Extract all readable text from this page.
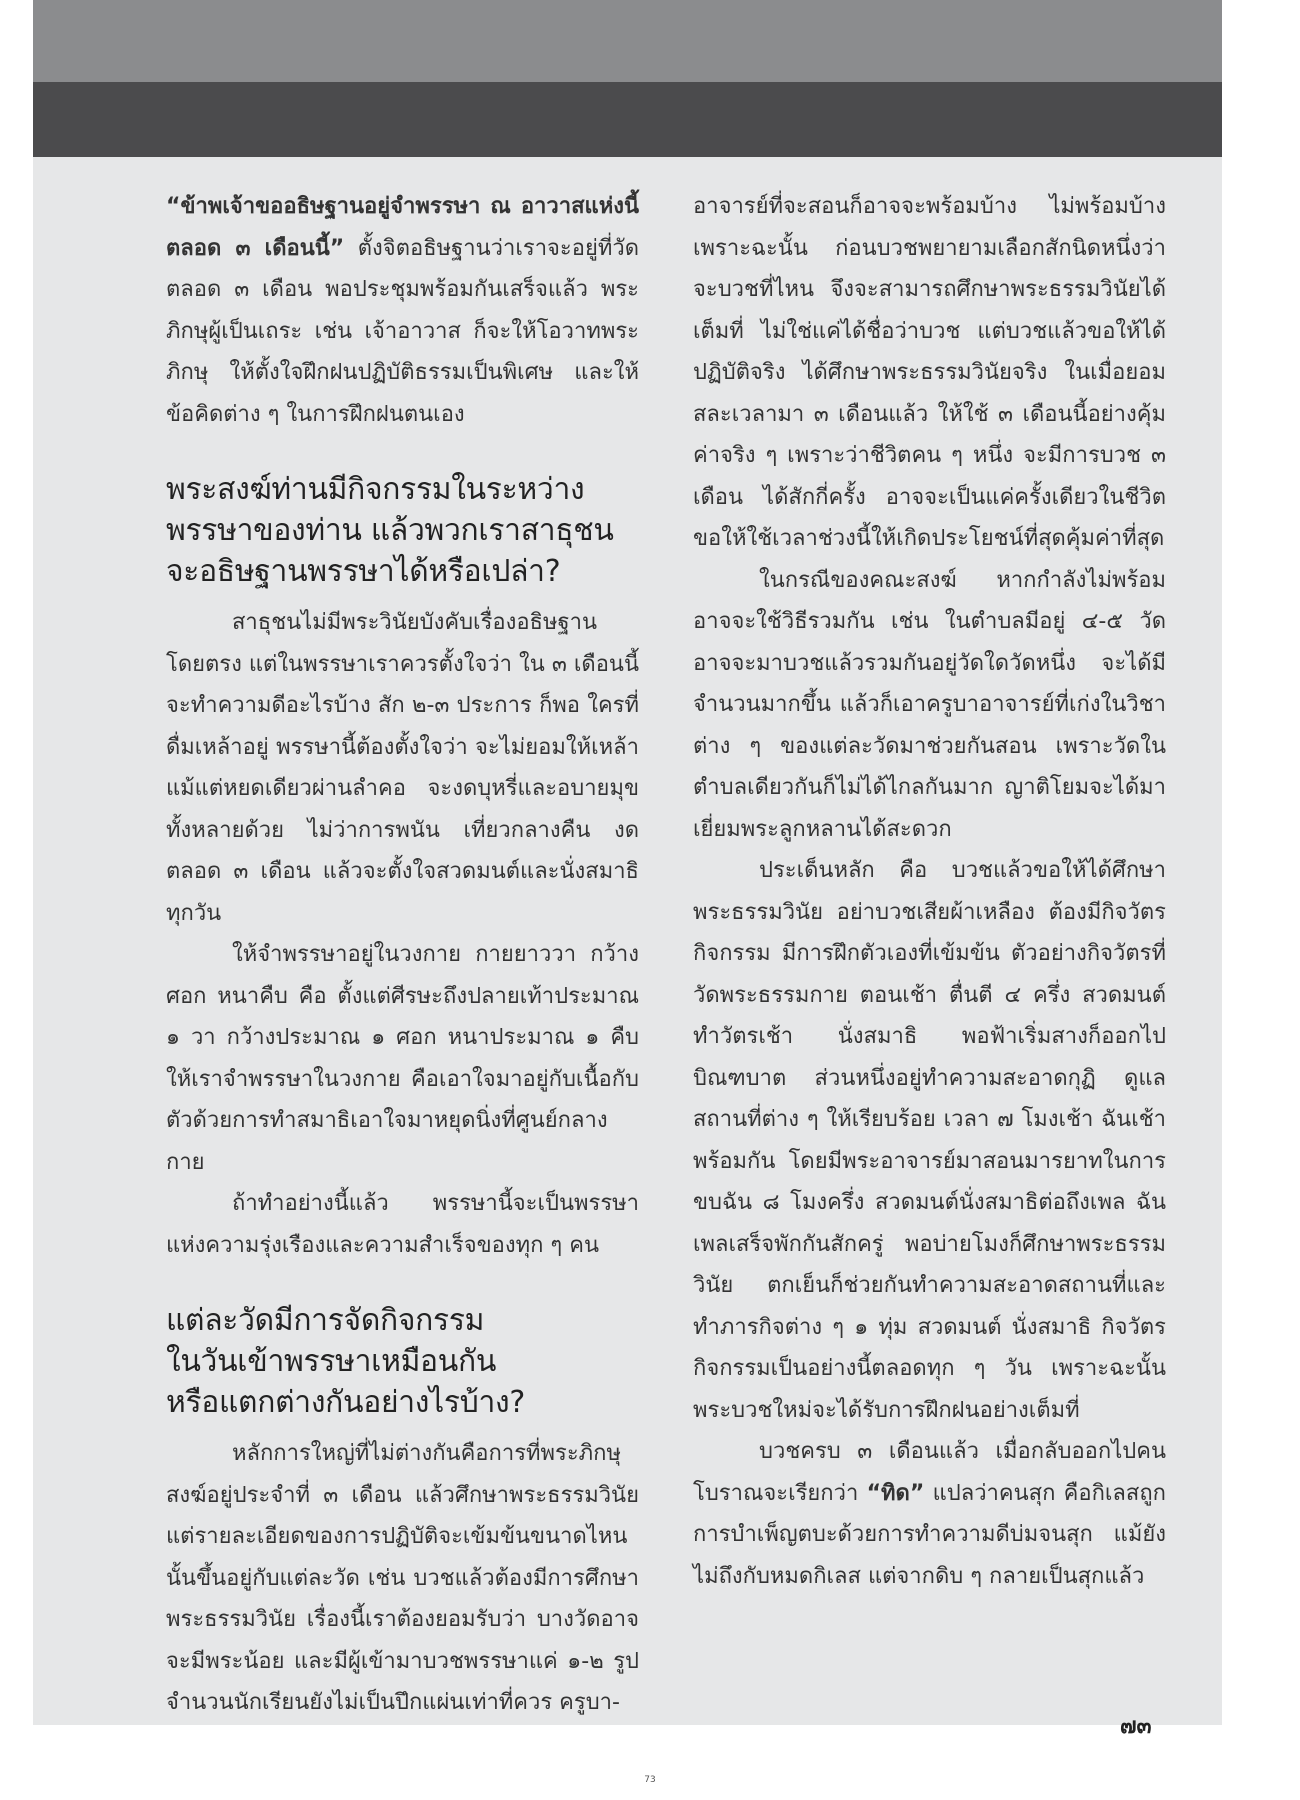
“ข้าพเจ้าขออธิษฐานอยู่จำพรรษา ณ อาวาสแห่งนี้ ตลอด ๓ เดือนนี้” ตั้งจิตอธิษฐานว่าเราจะอยู่ที่วัดตลอด ๓ เดือน พอประชุมพร้อมกันเสร็จแล้ว พระภิกษุผู้เป็นเถระ เช่น เจ้าอาวาส ก็จะให้โอวาทพระภิกษุ ให้ตั้งใจฝึกฝนปฏิบัติธรรมเป็นพิเศษ และให้ข้อคิดต่าง ๆ ในการฝึกฝนตนเอง

พระสงฆ์ท่านมีกิจกรรมในระหว่าง
พรรษาของท่าน แล้วพวกเราสาธุชน
จะอธิษฐานพรรษาได้หรือเปล่า?

สาธุชนไม่มีพระวินัยบังคับเรื่องอธิษฐานโดยตรง แต่ในพรรษาเราควรตั้งใจว่า ใน ๓ เดือนนี้จะทำความดีอะไรบ้าง สัก ๒-๓ ประการ ก็พอ ใครที่ดื่มเหล้าอยู่ พรรษานี้ต้องตั้งใจว่า จะไม่ยอมให้เหล้าแม้แต่หยดเดียวผ่านลำคอ จะงดบุหรี่และอบายมุขทั้งหลายด้วย ไม่ว่าการพนัน เที่ยวกลางคืน งดตลอด ๓ เดือน แล้วจะตั้งใจสวดมนต์และนั่งสมาธิทุกวัน

ให้จำพรรษาอยู่ในวงกาย กายยาววา กว้างศอก หนาคืบ คือ ตั้งแต่ศีรษะถึงปลายเท้าประมาณ ๑ วา กว้างประมาณ ๑ ศอก หนาประมาณ ๑ คืบ ให้เราจำพรรษาในวงกาย คือเอาใจมาอยู่กับเนื้อกับตัวด้วยการทำสมาธิเอาใจมาหยุดนิ่งที่ศูนย์กลางกาย

ถ้าทำอย่างนี้แล้ว พรรษานี้จะเป็นพรรษาแห่งความรุ่งเรืองและความสำเร็จของทุก ๆ คน

แต่ละวัดมีการจัดกิจกรรม
ในวันเข้าพรรษาเหมือนกัน
หรือแตกต่างกันอย่างไรบ้าง?

หลักการใหญ่ที่ไม่ต่างกันคือการที่พระภิกษุสงฆ์อยู่ประจำที่ ๓ เดือน แล้วศึกษาพระธรรมวินัย แต่รายละเอียดของการปฏิบัติจะเข้มข้นขนาดไหนนั้นขึ้นอยู่กับแต่ละวัด เช่น บวชแล้วต้องมีการศึกษาพระธรรมวินัย เรื่องนี้เราต้องยอมรับว่า บางวัดอาจจะมีพระน้อย และมีผู้เข้ามาบวชพรรษาแค่ ๑-๒ รูป จำนวนนักเรียนยังไม่เป็นปึกแผ่นเท่าที่ควร ครูบา-

อาจารย์ที่จะสอนก็อาจจะพร้อมบ้าง ไม่พร้อมบ้าง เพราะฉะนั้น ก่อนบวชพยายามเลือกสักนิดหนึ่งว่าจะบวชที่ไหน จึงจะสามารถศึกษาพระธรรมวินัยได้เต็มที่ ไม่ใช่แค่ได้ชื่อว่าบวช แต่บวชแล้วขอให้ได้ปฏิบัติจริง ได้ศึกษาพระธรรมวินัยจริง ในเมื่อยอมสละเวลามา ๓ เดือนแล้ว ให้ใช้ ๓ เดือนนี้อย่างคุ้มค่าจริง ๆ เพราะว่าชีวิตคน ๆ หนึ่ง จะมีการบวช ๓ เดือน ได้สักกี่ครั้ง อาจจะเป็นแค่ครั้งเดียวในชีวิต ขอให้ใช้เวลาช่วงนี้ให้เกิดประโยชน์ที่สุดคุ้มค่าที่สุด

ในกรณีของคณะสงฆ์ หากกำลังไม่พร้อมอาจจะใช้วิธีรวมกัน เช่น ในตำบลมีอยู่ ๔-๕ วัด อาจจะมาบวชแล้วรวมกันอยู่วัดใดวัดหนึ่ง จะได้มีจำนวนมากขึ้น แล้วก็เอาครูบาอาจารย์ที่เก่งในวิชาต่าง ๆ ของแต่ละวัดมาช่วยกันสอน เพราะวัดในตำบลเดียวกันก็ไม่ได้ไกลกันมาก ญาติโยมจะได้มาเยี่ยมพระลูกหลานได้สะดวก

ประเด็นหลัก คือ บวชแล้วขอให้ได้ศึกษาพระธรรมวินัย อย่าบวชเสียผ้าเหลือง ต้องมีกิจวัตรกิจกรรม มีการฝึกตัวเองที่เข้มข้น ตัวอย่างกิจวัตรที่วัดพระธรรมกาย ตอนเช้า ตื่นตี ๔ ครึ่ง สวดมนต์ทำวัตรเช้า นั่งสมาธิ พอฟ้าเริ่มสางก็ออกไปบิณฑบาต ส่วนหนึ่งอยู่ทำความสะอาดกุฏิ ดูแลสถานที่ต่าง ๆ ให้เรียบร้อย เวลา ๗ โมงเช้า ฉันเช้าพร้อมกัน โดยมีพระอาจารย์มาสอนมารยาทในการขบฉัน ๘ โมงครึ่ง สวดมนต์นั่งสมาธิต่อถึงเพล ฉันเพลเสร็จพักกันสักครู่ พอบ่ายโมงก็ศึกษาพระธรรมวินัย ตกเย็นก็ช่วยกันทำความสะอาดสถานที่และทำภารกิจต่าง ๆ ๑ ทุ่ม สวดมนต์ นั่งสมาธิ กิจวัตรกิจกรรมเป็นอย่างนี้ตลอดทุก ๆ วัน เพราะฉะนั้น พระบวชใหม่จะได้รับการฝึกฝนอย่างเต็มที่

บวชครบ ๓ เดือนแล้ว เมื่อกลับออกไปคนโบราณจะเรียกว่า “ทิด” แปลว่าคนสุก คือกิเลสถูกการบำเพ็ญตบะด้วยการทำความดีบ่มจนสุก แม้ยังไม่ถึงกับหมดกิเลส แต่จากดิบ ๆ กลายเป็นสุกแล้ว

๗๓
73
